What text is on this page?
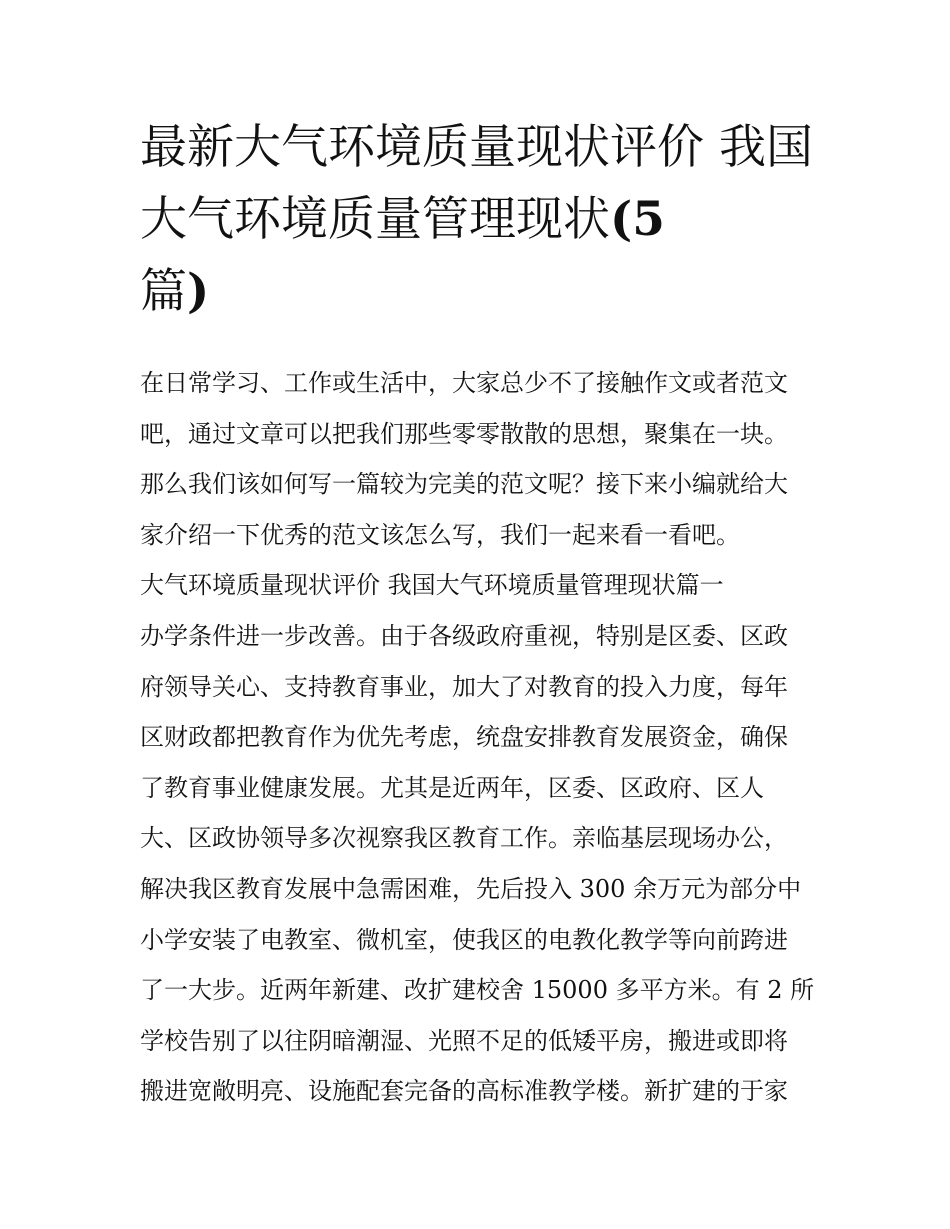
最新大气环境质量现状评价 我国大气环境质量管理现状(5
篇)
在日常学习、工作或生活中，大家总少不了接触作文或者范文
吧，通过文章可以把我们那些零零散散的思想，聚集在一块。
那么我们该如何写一篇较为完美的范文呢？接下来小编就给大
家介绍一下优秀的范文该怎么写，我们一起来看一看吧。
大气环境质量现状评价 我国大气环境质量管理现状篇一
办学条件进一步改善。由于各级政府重视，特别是区委、区政
府领导关心、支持教育事业，加大了对教育的投入力度，每年
区财政都把教育作为优先考虑，统盘安排教育发展资金，确保
了教育事业健康发展。尤其是近两年，区委、区政府、区人
大、区政协领导多次视察我区教育工作。亲临基层现场办公，
解决我区教育发展中急需困难，先后投入 300 余万元为部分中
小学安装了电教室、微机室，使我区的电教化教学等向前跨进
了一大步。近两年新建、改扩建校舍 15000 多平方米。有 2 所
学校告别了以往阴暗潮湿、光照不足的低矮平房，搬进或即将
搬进宽敞明亮、设施配套完备的高标准教学楼。新扩建的于家
